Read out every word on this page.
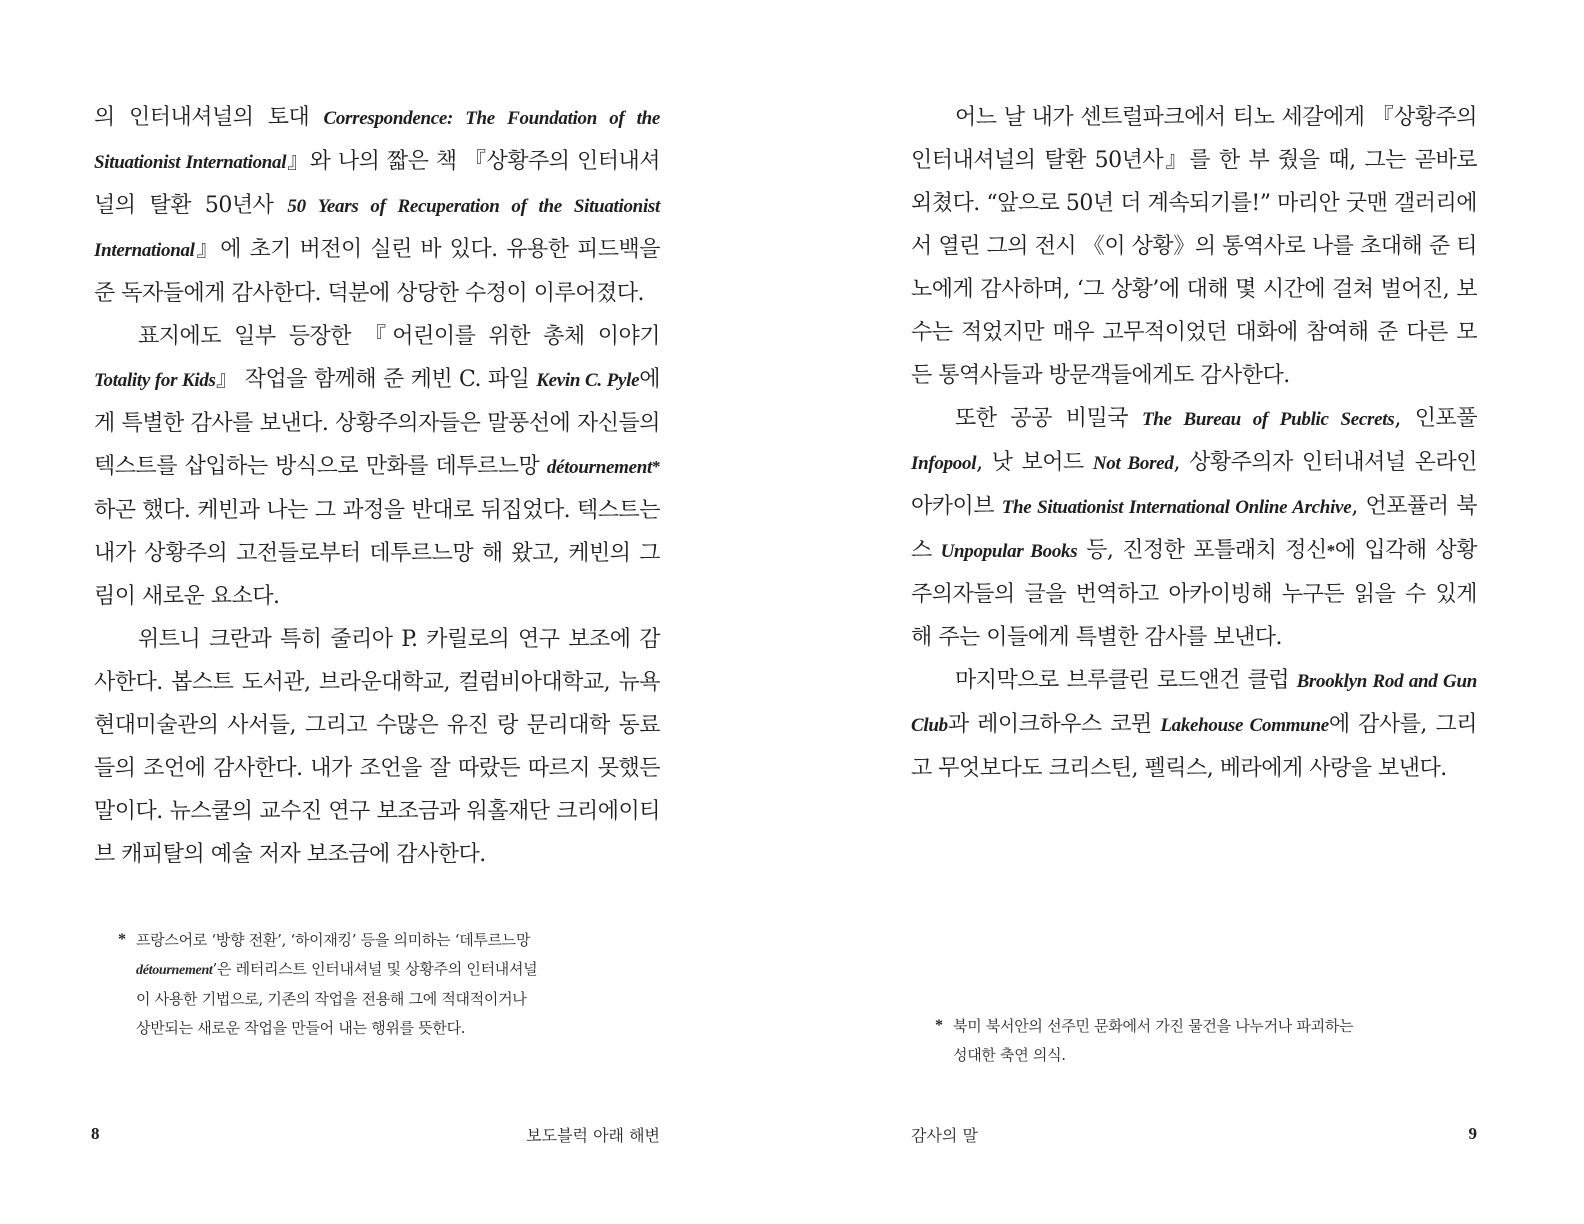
의 인터내셔널의 토대 Correspondence: The Foundation of the Situationist International』와 나의 짧은 책 『상황주의 인터내셔널의 탈환 50년사 50 Years of Recuperation of the Situationist International』에 초기 버전이 실린 바 있다. 유용한 피드백을 준 독자들에게 감사한다. 덕분에 상당한 수정이 이루어졌다.

표지에도 일부 등장한 『어린이를 위한 총체 이야기 Totality for Kids』 작업을 함께해 준 케빈 C. 파일 Kevin C. Pyle에게 특별한 감사를 보낸다. 상황주의자들은 말풍선에 자신들의 텍스트를 삽입하는 방식으로 만화를 데투르느망 détournement* 하곤 했다. 케빈과 나는 그 과정을 반대로 뒤집었다. 텍스트는 내가 상황주의 고전들로부터 데투르느망 해 왔고, 케빈의 그림이 새로운 요소다.

위트니 크란과 특히 줄리아 P. 카릴로의 연구 보조에 감사한다. 봅스트 도서관, 브라운대학교, 컬럼비아대학교, 뉴욕 현대미술관의 사서들, 그리고 수많은 유진 랑 문리대학 동료들의 조언에 감사한다. 내가 조언을 잘 따랐든 따르지 못했든 말이다. 뉴스쿨의 교수진 연구 보조금과 워홀재단 크리에이티브 캐피탈의 예술 저자 보조금에 감사한다.

* 프랑스어로 ‘방향 전환’, ‘하이재킹’ 등을 의미하는 ‘데투르느망 détournement’은 레터리스트 인터내셔널 및 상황주의 인터내셔널이 사용한 기법으로, 기존의 작업을 전용해 그에 적대적이거나 상반되는 새로운 작업을 만들어 내는 행위를 뜻한다.
8	보도블럭 아래 해변

어느 날 내가 센트럴파크에서 티노 세갈에게 『상황주의 인터내셔널의 탈환 50년사』를 한 부 줬을 때, 그는 곧바로 외쳤다. “앞으로 50년 더 계속되기를!” 마리안 굿맨 갤러리에서 열린 그의 전시 《이 상황》의 통역사로 나를 초대해 준 티노에게 감사하며, ‘그 상황’에 대해 몇 시간에 걸쳐 벌어진, 보수는 적었지만 매우 고무적이었던 대화에 참여해 준 다른 모든 통역사들과 방문객들에게도 감사한다.

또한 공공 비밀국 The Bureau of Public Secrets, 인포풀 Infopool, 낫 보어드 Not Bored, 상황주의자 인터내셔널 온라인 아카이브 The Situationist International Online Archive, 언포퓰러 북스 Unpopular Books 등, 진정한 포틀래치 정신*에 입각해 상황주의자들의 글을 번역하고 아카이빙해 누구든 읽을 수 있게 해 주는 이들에게 특별한 감사를 보낸다.

마지막으로 브루클린 로드앤건 클럽 Brooklyn Rod and Gun Club과 레이크하우스 코뮌 Lakehouse Commune에 감사를, 그리고 무엇보다도 크리스틴, 펠릭스, 베라에게 사랑을 보낸다.

* 북미 북서안의 선주민 문화에서 가진 물건을 나누거나 파괴하는 성대한 축연 의식.
감사의 말	9
